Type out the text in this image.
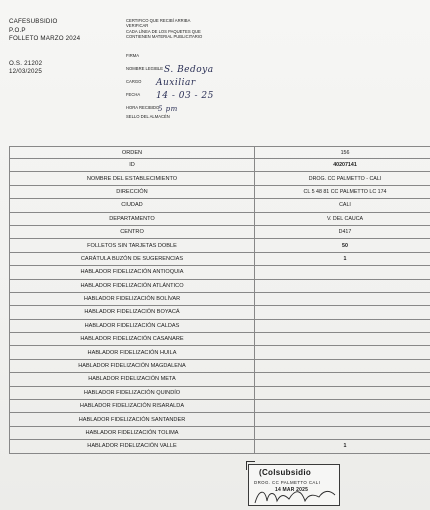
CAFESUBSIDIO
P.O.P
FOLLETO MARZO 2024
O.S. 21202
12/03/2025
CERTIFICO QUE RECIBÍ ARRIBA
VERIFICAR
CADA LÍNEA DE LOS PAQUETES QUE
CONTIENEN MATERIAL PUBLICITARIO
FIRMA
NOMBRE LEGIBLE S. Bedoya
CARGO Auxiliar
FECHA 14 - 03 - 25
HORA RECIBIDO
5 pm
SELLO DEL ALMACÉN
ORDEN	156
ID	40207141
NOMBRE DEL ESTABLECIMIENTO	DROG. CC PALMETTO - CALI
DIRECCIÓN	CL 5 48 81 CC PALMETTO LC 174
CIUDAD	CALI
DEPARTAMENTO	V. DEL CAUCA
CENTRO	D417
FOLLETOS SIN TARJETAS DOBLE	50
CARÁTULA BUZÓN DE SUGERENCIAS	1
HABLADOR FIDELIZACIÓN ANTIOQUIA	
HABLADOR FIDELIZACIÓN ATLÁNTICO	
HABLADOR FIDELIZACIÓN BOLÍVAR	
HABLADOR FIDELIZACIÓN BOYACÁ	
HABLADOR FIDELIZACIÓN CALDAS	
HABLADOR FIDELIZACIÓN CASANARE	
HABLADOR FIDELIZACIÓN HUILA	
HABLADOR FIDELIZACIÓN MAGDALENA	
HABLADOR FIDELIZACIÓN META	
HABLADOR FIDELIZACIÓN QUINDÍO	
HABLADOR FIDELIZACIÓN RISARALDA	
HABLADOR FIDELIZACIÓN SANTANDER	
HABLADOR FIDELIZACIÓN TOLIMA	
HABLADOR FIDELIZACIÓN VALLE	1
(Colsubsidio
DROG. CC PALMETTO CALI
14 MAR 2025
